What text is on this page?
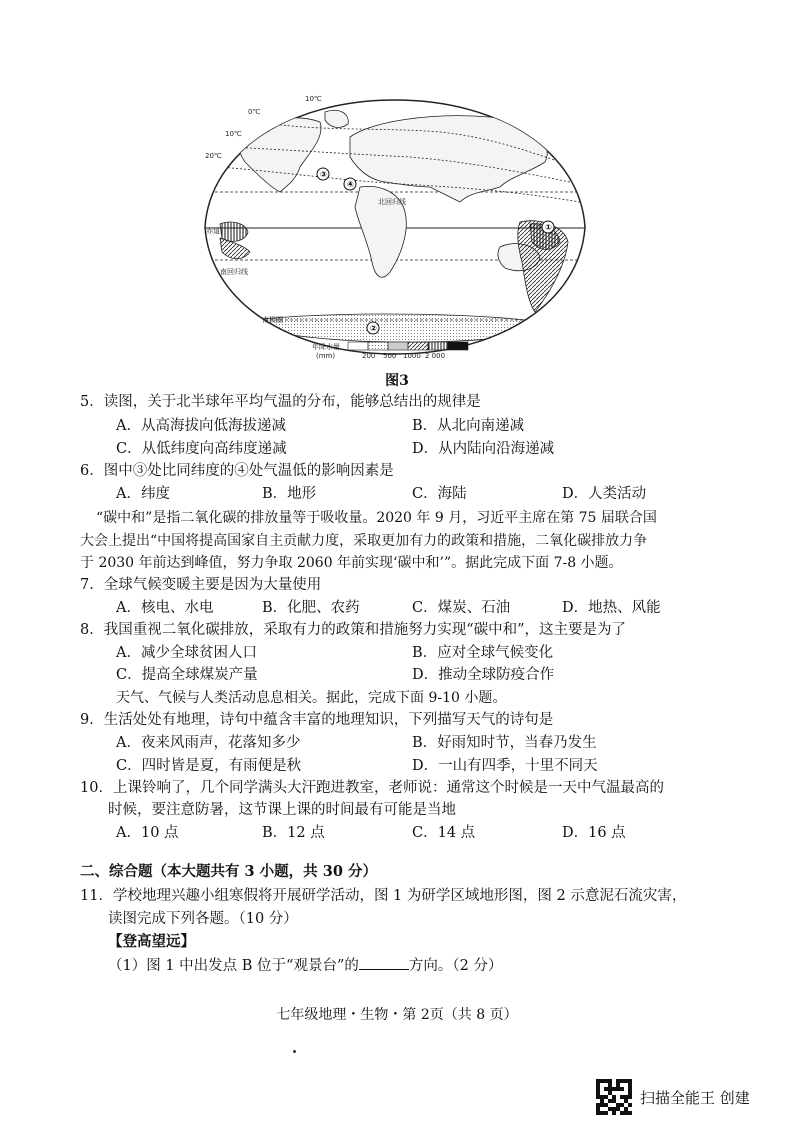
10℃
0℃
10℃
20℃
北回归线
赤道
南回归线
南极圈
①
②
③
④
年降水量
(mm)	200 500 1000 2 000
图3
5．读图，关于北半球年平均气温的分布，能够总结出的规律是
A．从高海拔向低海拔递减	B．从北向南递减
C．从低纬度向高纬度递减	D．从内陆向沿海递减
6．图中③处比同纬度的④处气温低的影响因素是
A．纬度	B．地形	C．海陆	D．人类活动
“碳中和”是指二氧化碳的排放量等于吸收量。2020 年 9 月，习近平主席在第 75 届联合国
大会上提出“中国将提高国家自主贡献力度，采取更加有力的政策和措施，二氧化碳排放力争
于 2030 年前达到峰值，努力争取 2060 年前实现‘碳中和’”。据此完成下面 7-8 小题。
7．全球气候变暖主要是因为大量使用
A．核电、水电	B．化肥、农药	C．煤炭、石油	D．地热、风能
8．我国重视二氧化碳排放，采取有力的政策和措施努力实现“碳中和”，这主要是为了
A．减少全球贫困人口	B．应对全球气候变化
C．提高全球煤炭产量	D．推动全球防疫合作
天气、气候与人类活动息息相关。据此，完成下面 9-10 小题。
9．生活处处有地理，诗句中蕴含丰富的地理知识，下列描写天气的诗句是
A．夜来风雨声，花落知多少	B．好雨知时节，当春乃发生
C．四时皆是夏，有雨便是秋	D．一山有四季，十里不同天
10．上课铃响了，几个同学满头大汗跑进教室，老师说：通常这个时候是一天中气温最高的
时候，要注意防暑，这节课上课的时间最有可能是当地
A．10 点	B．12 点	C．14 点	D．16 点
二、综合题（本大题共有 3 小题，共 30 分）
11．学校地理兴趣小组寒假将开展研学活动，图 1 为研学区域地形图，图 2 示意泥石流灾害，
读图完成下列各题。（10 分）
【登高望远】
（1）图 1 中出发点 B 位于“观景台”的	方向。（2 分）
七年级地理・生物・第 2页（共 8 页）
扫描全能王 创建
